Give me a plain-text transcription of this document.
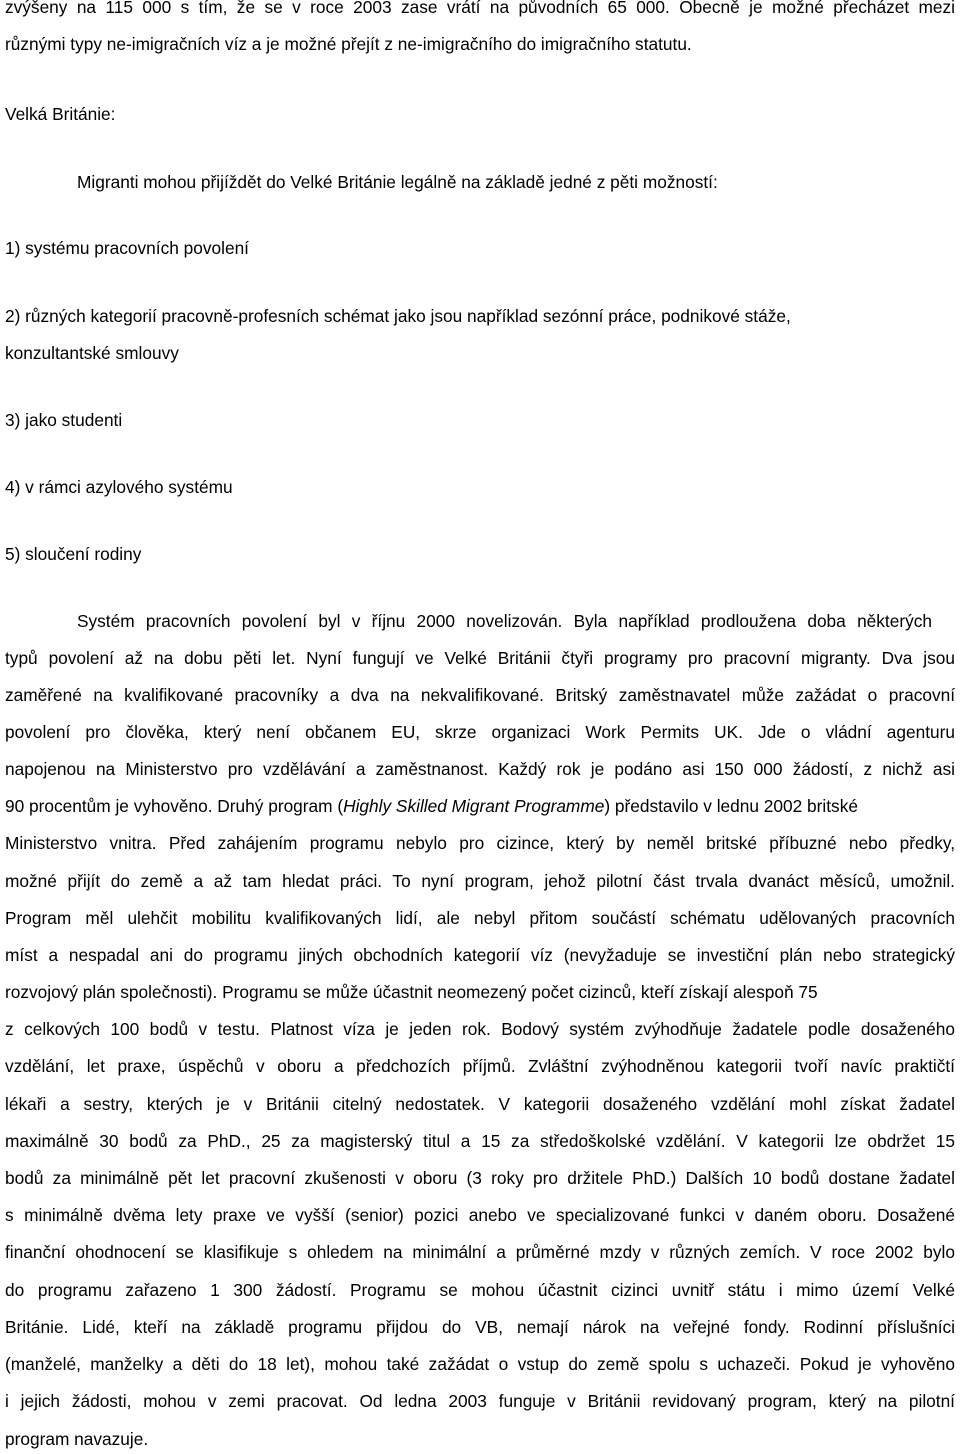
zvýšeny na 115 000 s tím, že se v roce 2003 zase vrátí na původních 65 000. Obecně je možné přecházet mezi
různými typy ne-imigračních víz a je možné přejít z ne-imigračního do imigračního statutu.
Velká Británie:
Migranti mohou přijíždět do Velké Británie legálně na základě jedné z pěti možností:
1) systému pracovních povolení
2) různých kategorií pracovně-profesních schémat jako jsou například sezónní práce, podnikové stáže,
konzultantské smlouvy
3) jako studenti
4) v rámci azylového systému
5) sloučení rodiny
Systém pracovních povolení byl v říjnu 2000 novelizován. Byla například prodloužena doba některých
typů povolení až na dobu pěti let. Nyní fungují ve Velké Británii čtyři programy pro pracovní migranty. Dva jsou
zaměřené na kvalifikované pracovníky a dva na nekvalifikované. Britský zaměstnavatel může zažádat o pracovní
povolení pro člověka, který není občanem EU, skrze organizaci Work Permits UK. Jde o vládní agenturu
napojenou na Ministerstvo pro vzdělávání a zaměstnanost. Každý rok je podáno asi 150 000 žádostí, z nichž asi
90 procentům je vyhověno. Druhý program (Highly Skilled Migrant Programme) představilo v lednu 2002 britské
Ministerstvo vnitra. Před zahájením programu nebylo pro cizince, který by neměl britské příbuzné nebo předky,
možné přijít do země a až tam hledat práci. To nyní program, jehož pilotní část trvala dvanáct měsíců, umožnil.
Program měl ulehčit mobilitu kvalifikovaných lidí, ale nebyl přitom součástí schématu udělovaných pracovních
míst a nespadal ani do programu jiných obchodních kategorií víz (nevyžaduje se investiční plán nebo strategický
rozvojový plán společnosti). Programu se může účastnit neomezený počet cizinců, kteří získají alespoň 75
z celkových 100 bodů v testu. Platnost víza je jeden rok. Bodový systém zvýhodňuje žadatele podle dosaženého
vzdělání, let praxe, úspěchů v oboru a předchozích příjmů. Zvláštní zvýhodněnou kategorii tvoří navíc praktičtí
lékaři a sestry, kterých je v Británii citelný nedostatek. V kategorii dosaženého vzdělání mohl získat žadatel
maximálně 30 bodů za PhD., 25 za magisterský titul a 15 za středoškolské vzdělání. V kategorii lze obdržet 15
bodů za minimálně pět let pracovní zkušenosti v oboru (3 roky pro držitele PhD.) Dalších 10 bodů dostane žadatel
s minimálně dvěma lety praxe ve vyšší (senior) pozici anebo ve specializované funkci v daném oboru. Dosažené
finanční ohodnocení se klasifikuje s ohledem na minimální a průměrné mzdy v různých zemích. V roce 2002 bylo
do programu zařazeno 1 300 žádostí. Programu se mohou účastnit cizinci uvnitř státu i mimo území Velké
Británie. Lidé, kteří na základě programu přijdou do VB, nemají nárok na veřejné fondy. Rodinní příslušníci
(manželé, manželky a děti do 18 let), mohou také zažádat o vstup do země spolu s uchazeči. Pokud je vyhověno
i jejich žádosti, mohou v zemi pracovat. Od ledna 2003 funguje v Británii revidovaný program, který na pilotní
program navazuje.
